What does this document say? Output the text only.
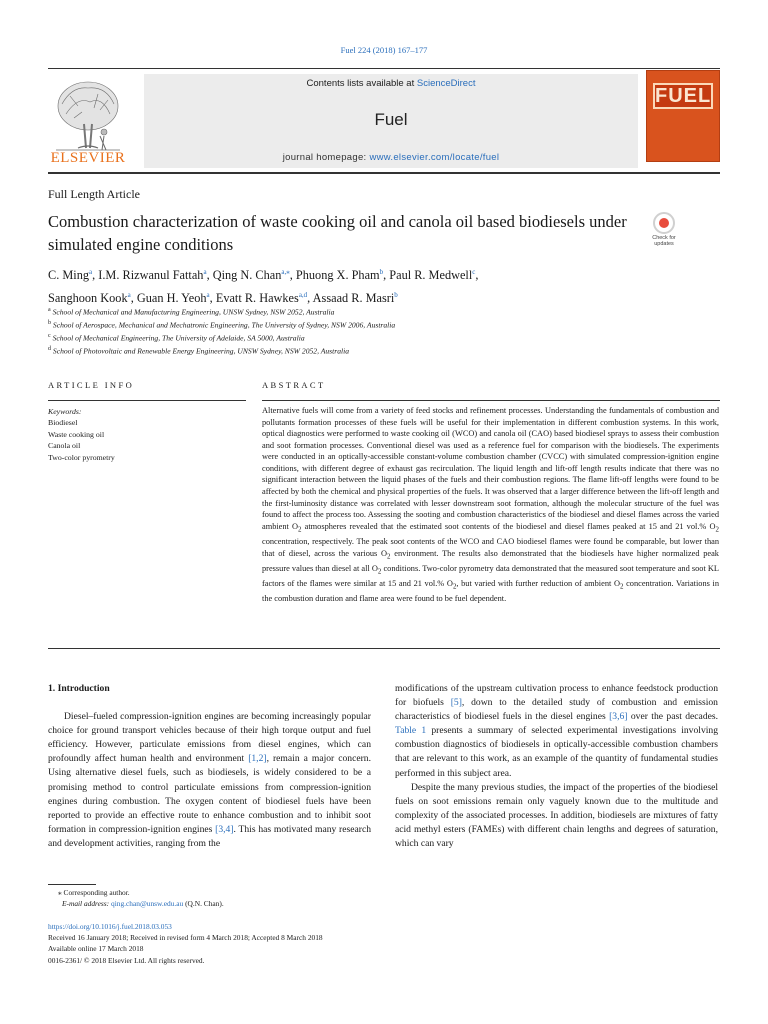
Fuel 224 (2018) 167–177
ELSEVIER
Contents lists available at ScienceDirect
Fuel
journal homepage: www.elsevier.com/locate/fuel
FUEL
Full Length Article
Combustion characterization of waste cooking oil and canola oil based biodiesels under simulated engine conditions	Check for updates
C. Ming$^a$, I.M. Rizwanul Fattah$^a$, Qing N. Chan$^{a,⁎}$, Phuong X. Pham$^b$, Paul R. Medwell$^c$,
Sanghoon Kook$^a$, Guan H. Yeoh$^a$, Evatt R. Hawkes$^{a,d}$, Assaad R. Masri$^b$
$^a$ School of Mechanical and Manufacturing Engineering, UNSW Sydney, NSW 2052, Australia
$^b$ School of Aerospace, Mechanical and Mechatronic Engineering, The University of Sydney, NSW 2006, Australia
$^c$ School of Mechanical Engineering, The University of Adelaide, SA 5000, Australia
$^d$ School of Photovoltaic and Renewable Energy Engineering, UNSW Sydney, NSW 2052, Australia
ARTICLE INFO	ABSTRACT
Keywords:
Biodiesel
Waste cooking oil
Canola oil
Two-color pyrometry
Alternative fuels will come from a variety of feed stocks and refinement processes. Understanding the fundamentals of combustion and pollutants formation processes of these fuels will be useful for their implementation in different combustion systems. In this work, optical diagnostics were performed to waste cooking oil (WCO) and canola oil (CAO) based biodiesel sprays to assess their combustion and soot formation processes. Conventional diesel was used as a reference fuel for comparison with the biodiesels. The experiments were conducted in an optically-accessible constant-volume combustion chamber (CVCC) with simulated compression-ignition engine conditions, with different degree of exhaust gas recirculation. The liquid length and lift-off length results indicate that there was no significant interaction between the liquid phases of the fuels and their combustion regions. The flame lift-off lengths were found to be affected by both the chemical and physical properties of the fuels. It was observed that a larger difference between the lift-off length and the first-luminosity distance was correlated with lesser downstream soot formation, although the molecular structure of the fuel was found to affect the process too. Assessing the sooting and combustion characteristics of the biodiesel and diesel flames across the varied ambient $O_2$ atmospheres revealed that the estimated soot contents of the biodiesel and diesel flames peaked at 15 and 21 vol.% $O_2$ concentration, respectively. The peak soot contents of the WCO and CAO biodiesel flames were found be comparable, but lower than that of diesel, across the various $O_2$ environment. The results also demonstrated that the biodiesels have higher normalized peak pressure values than diesel at all $O_2$ conditions. Two-color pyrometry data demonstrated that the measured soot temperature and soot KL factors of the flames were similar at 15 and 21 vol.% $O_2$, but varied with further reduction of ambient $O_2$ concentration. Variations in the combustion duration and flame area were found to be fuel dependent.
1. Introduction

Diesel–fueled compression-ignition engines are becoming increasingly popular choice for ground transport vehicles because of their high torque output and fuel efficiency. However, particulate emissions from diesel engines, which can profoundly affect human health and environment [1,2], remain a major concern. Using alternative diesel fuels, such as biodiesels, is widely considered to be a promising method to control particulate emissions from compression-ignition engines during combustion. The oxygen content of biodiesel fuels have been reported to provide an effective route to enhance combustion and to inhibit soot formation in compression-ignition engines [3,4]. This has motivated many research and development activities, ranging from the

modifications of the upstream cultivation process to enhance feedstock production for biofuels [5], down to the detailed study of combustion and emission characteristics of biodiesel fuels in the diesel engines [3,6] over the past decades. Table 1 presents a summary of selected experimental investigations involving combustion diagnostics of biodiesels in optically-accessible combustion chambers that are relevant to this work, as an example of the quantity of fundamental studies performed in this subject area.

Despite the many previous studies, the impact of the properties of the biodiesel fuels on soot emissions remain only vaguely known due to the multitude and complexity of the associated processes. In addition, biodiesels are mixtures of fatty acid methyl esters (FAMEs) with different chain lengths and degrees of saturation, which can vary

⁎ Corresponding author.
E-mail address: qing.chan@unsw.edu.au (Q.N. Chan).
https://doi.org/10.1016/j.fuel.2018.03.053
Received 16 January 2018; Received in revised form 4 March 2018; Accepted 8 March 2018
Available online 17 March 2018
0016-2361/ © 2018 Elsevier Ltd. All rights reserved.
